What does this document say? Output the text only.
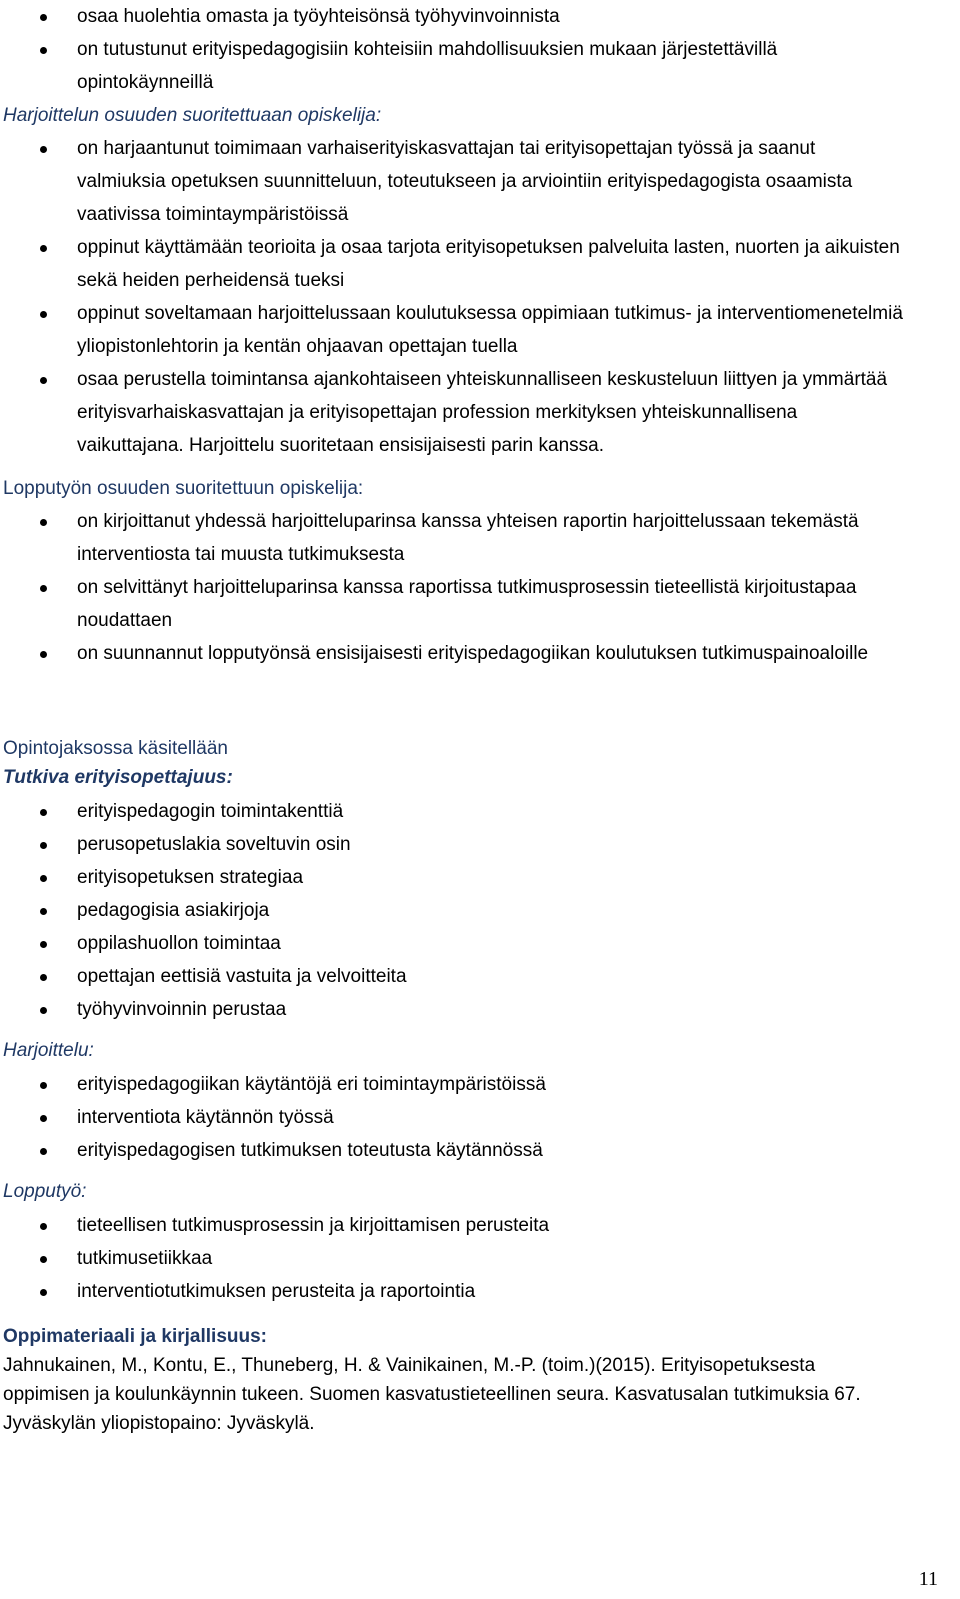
osaa huolehtia omasta ja työyhteisönsä työhyvinvoinnista
on tutustunut erityispedagogisiin kohteisiin mahdollisuuksien mukaan järjestettävillä opintokäynneillä
Harjoittelun osuuden suoritettuaan opiskelija:
on harjaantunut toimimaan varhaiserityiskasvattajan tai erityisopettajan työssä ja saanut valmiuksia opetuksen suunnitteluun, toteutukseen ja arviointiin erityispedagogista osaamista vaativissa toimintaympäristöissä
oppinut käyttämään teorioita ja osaa tarjota erityisopetuksen palveluita lasten, nuorten ja aikuisten sekä heiden perheidensä tueksi
oppinut soveltamaan harjoittelussaan koulutuksessa oppimiaan tutkimus- ja interventiomenetelmiä yliopistonlehtorin ja kentän ohjaavan opettajan tuella
osaa perustella toimintansa ajankohtaiseen yhteiskunnalliseen keskusteluun liittyen ja ymmärtää erityisvarhaiskasvattajan ja erityisopettajan profession merkityksen yhteiskunnallisena vaikuttajana. Harjoittelu suoritetaan ensisijaisesti parin kanssa.
Lopputyön osuuden suoritettuun opiskelija:
on kirjoittanut yhdessä harjoitteluparinsa kanssa yhteisen raportin harjoittelussaan tekemästä interventiosta tai muusta tutkimuksesta
on selvittänyt harjoitteluparinsa kanssa raportissa tutkimusprosessin tieteellistä kirjoitustapaa noudattaen
on suunnannut lopputyönsä ensisijaisesti erityispedagogiikan koulutuksen tutkimuspainoaloille
Opintojaksossa käsitellään
Tutkiva erityisopettajuus:
erityispedagogin toimintakenttiä
perusopetuslakia soveltuvin osin
erityisopetuksen strategiaa
pedagogisia asiakirjoja
oppilashuollon toimintaa
opettajan eettisiä vastuita ja velvoitteita
työhyvinvoinnin perustaa
Harjoittelu:
erityispedagogiikan käytäntöjä eri toimintaympäristöissä
interventiota käytännön työssä
erityispedagogisen tutkimuksen toteutusta käytännössä
Lopputyö:
tieteellisen tutkimusprosessin ja kirjoittamisen perusteita
tutkimusetiikkaa
interventiotutkimuksen perusteita ja raportointia
Oppimateriaali ja kirjallisuus:
Jahnukainen, M., Kontu, E., Thuneberg, H. & Vainikainen, M.-P. (toim.)(2015). Erityisopetuksesta oppimisen ja koulunkäynnin tukeen. Suomen kasvatustieteellinen seura. Kasvatusalan tutkimuksia 67. Jyväskylän yliopistopaino: Jyväskylä.
11
